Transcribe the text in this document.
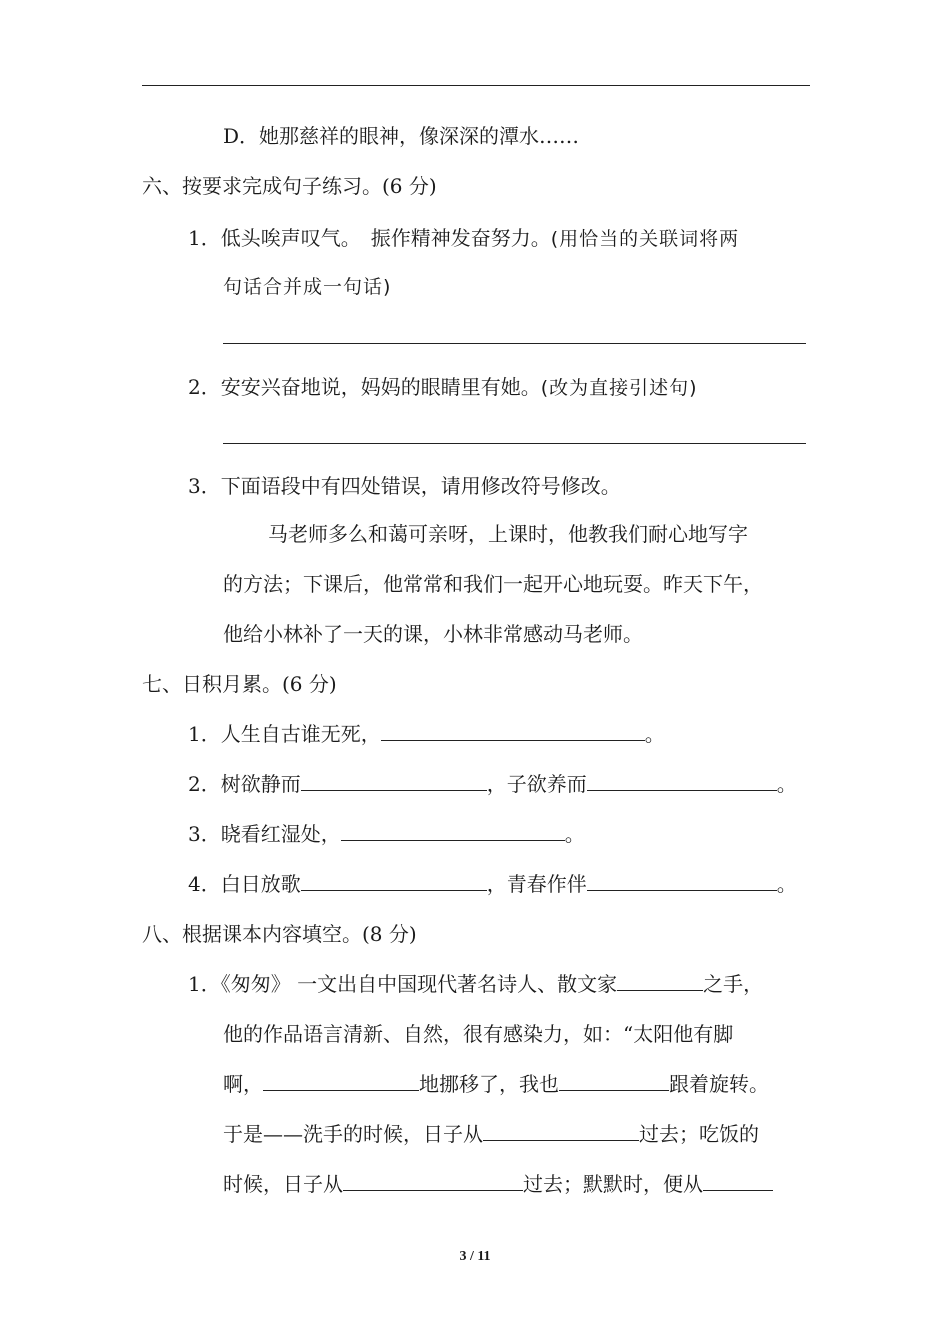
D．她那慈祥的眼神，像深深的潭水……
六、按要求完成句子练习。(6 分)
1．低头唉声叹气。　振作精神发奋努力。(用恰当的关联词将两
句话合并成一句话)
2．安安兴奋地说，妈妈的眼睛里有她。(改为直接引述句)
3．下面语段中有四处错误，请用修改符号修改。
马老师多么和蔼可亲呀，上课时，他教我们耐心地写字
的方法；下课后，他常常和我们一起开心地玩耍。昨天下午，
他给小林补了一天的课，小林非常感动马老师。
七、日积月累。(6 分)
1．人生自古谁无死，	。
2．树欲静而	，子欲养而	。
3．晓看红湿处，	。
4．白日放歌	，青春作伴	。
八、根据课本内容填空。(8 分)
1．《匆匆》 一文出自中国现代著名诗人、散文家	之手，
他的作品语言清新、自然，很有感染力，如：“太阳他有脚
啊，	地挪移了，我也	跟着旋转。
于是——洗手的时候，日子从	过去；吃饭的
时候，日子从	过去；默默时，便从
3 / 11
